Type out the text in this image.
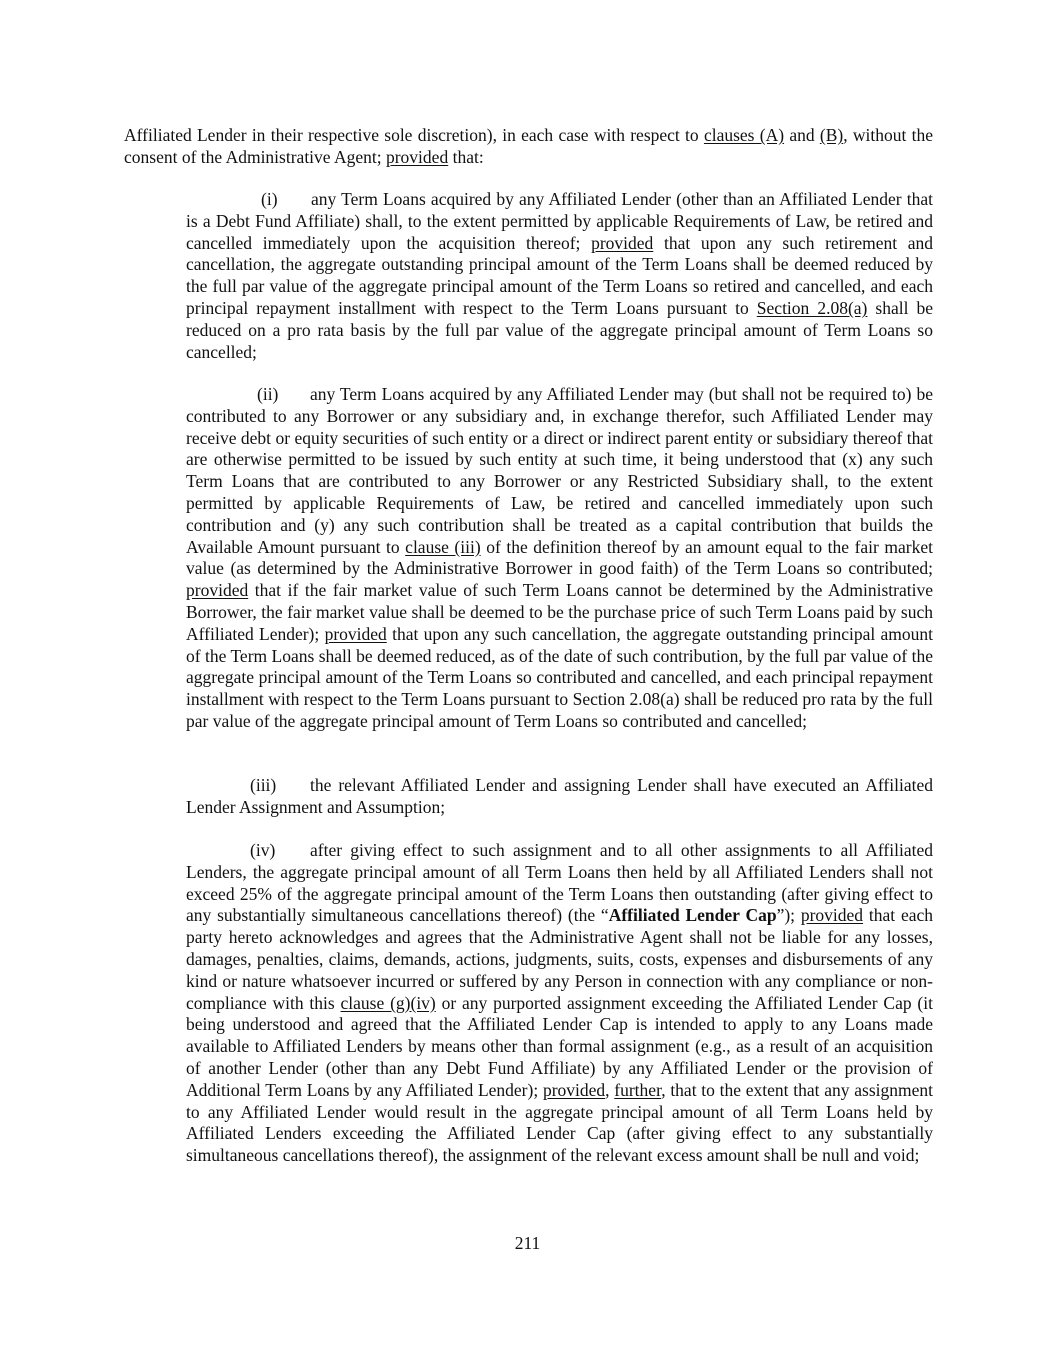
Affiliated Lender in their respective sole discretion), in each case with respect to clauses (A) and (B), without the consent of the Administrative Agent; provided that:

(i) any Term Loans acquired by any Affiliated Lender (other than an Affiliated Lender that is a Debt Fund Affiliate) shall, to the extent permitted by applicable Requirements of Law, be retired and cancelled immediately upon the acquisition thereof; provided that upon any such retirement and cancellation, the aggregate outstanding principal amount of the Term Loans shall be deemed reduced by the full par value of the aggregate principal amount of the Term Loans so retired and cancelled, and each principal repayment installment with respect to the Term Loans pursuant to Section 2.08(a) shall be reduced on a pro rata basis by the full par value of the aggregate principal amount of Term Loans so cancelled;

(ii) any Term Loans acquired by any Affiliated Lender may (but shall not be required to) be contributed to any Borrower or any subsidiary and, in exchange therefor, such Affiliated Lender may receive debt or equity securities of such entity or a direct or indirect parent entity or subsidiary thereof that are otherwise permitted to be issued by such entity at such time, it being understood that (x) any such Term Loans that are contributed to any Borrower or any Restricted Subsidiary shall, to the extent permitted by applicable Requirements of Law, be retired and cancelled immediately upon such contribution and (y) any such contribution shall be treated as a capital contribution that builds the Available Amount pursuant to clause (iii) of the definition thereof by an amount equal to the fair market value (as determined by the Administrative Borrower in good faith) of the Term Loans so contributed; provided that if the fair market value of such Term Loans cannot be determined by the Administrative Borrower, the fair market value shall be deemed to be the purchase price of such Term Loans paid by such Affiliated Lender); provided that upon any such cancellation, the aggregate outstanding principal amount of the Term Loans shall be deemed reduced, as of the date of such contribution, by the full par value of the aggregate principal amount of the Term Loans so contributed and cancelled, and each principal repayment installment with respect to the Term Loans pursuant to Section 2.08(a) shall be reduced pro rata by the full par value of the aggregate principal amount of Term Loans so contributed and cancelled;

(iii) the relevant Affiliated Lender and assigning Lender shall have executed an Affiliated Lender Assignment and Assumption;

(iv) after giving effect to such assignment and to all other assignments to all Affiliated Lenders, the aggregate principal amount of all Term Loans then held by all Affiliated Lenders shall not exceed 25% of the aggregate principal amount of the Term Loans then outstanding (after giving effect to any substantially simultaneous cancellations thereof) (the “Affiliated Lender Cap”); provided that each party hereto acknowledges and agrees that the Administrative Agent shall not be liable for any losses, damages, penalties, claims, demands, actions, judgments, suits, costs, expenses and disbursements of any kind or nature whatsoever incurred or suffered by any Person in connection with any compliance or non-compliance with this clause (g)(iv) or any purported assignment exceeding the Affiliated Lender Cap (it being understood and agreed that the Affiliated Lender Cap is intended to apply to any Loans made available to Affiliated Lenders by means other than formal assignment (e.g., as a result of an acquisition of another Lender (other than any Debt Fund Affiliate) by any Affiliated Lender or the provision of Additional Term Loans by any Affiliated Lender); provided, further, that to the extent that any assignment to any Affiliated Lender would result in the aggregate principal amount of all Term Loans held by Affiliated Lenders exceeding the Affiliated Lender Cap (after giving effect to any substantially simultaneous cancellations thereof), the assignment of the relevant excess amount shall be null and void;

211
